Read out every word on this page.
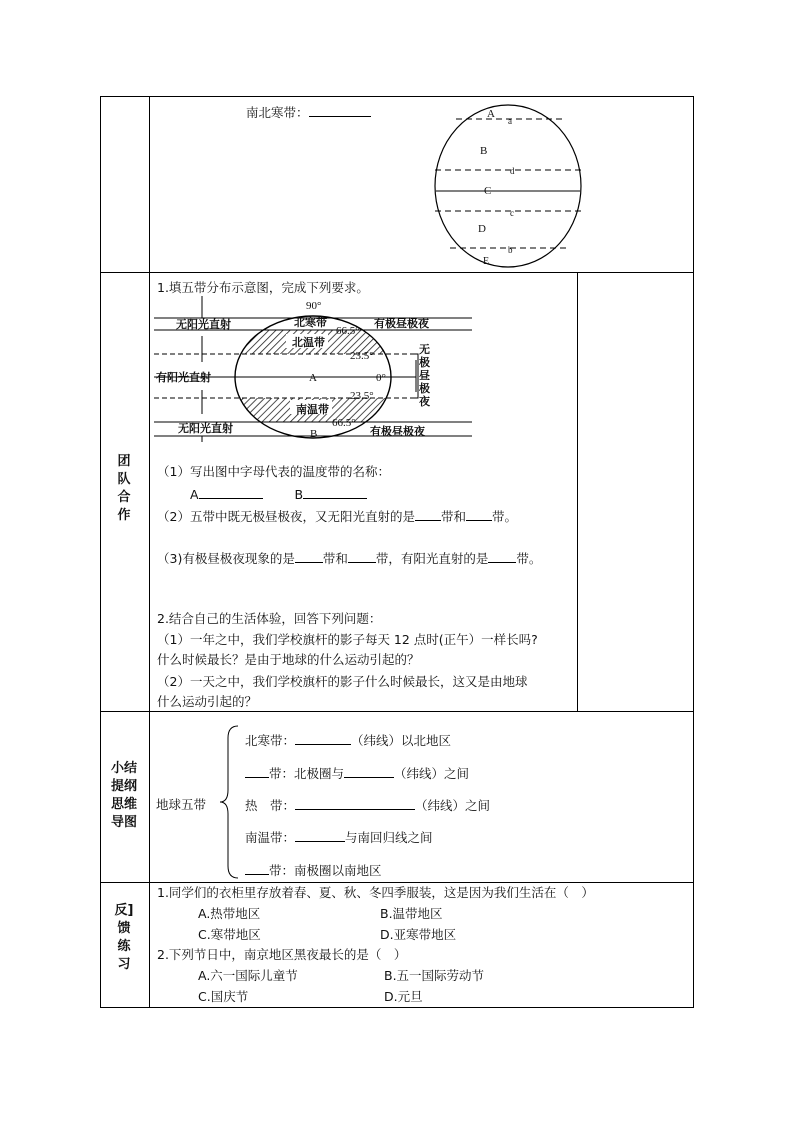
南北寒带：	A
a
B
d
C
c
D
b
E
团
队
合
作
1.填五带分布示意图，完成下列要求。
无阳光直射
有阳光直射
无阳光直射
北寒带
北温带
南温带
有极昼极夜
有极昼极夜
无
极
昼
极
夜
90°
66.5°
23.5°
A	0°
23.5°
66.5°
B
（1）写出图中字母代表的温度带的名称：
A	B
（2）五带中既无极昼极夜，又无阳光直射的是 带和 带。
（3)有极昼极夜现象的是 带和 带，有阳光直射的是 带。
2.结合自己的生活体验，回答下列问题：
（1）一年之中，我们学校旗杆的影子每天 12 点时(正午）一样长吗?
什么时候最长？是由于地球的什么运动引起的？
（2）一天之中，我们学校旗杆的影子什么时候最长，这又是由地球
什么运动引起的？
小结
提纲
思维
导图
地球五带
北寒带：	（纬线）以北地区
带：北极圈与	（纬线）之间
热　带：	（纬线）之间
南温带：	与南回归线之间
带：南极圈以南地区
反]
馈
练
习
1.同学们的衣柜里存放着春、夏、秋、冬四季服装，这是因为我们生活在（　）
A.热带地区	B.温带地区
C.寒带地区	D.亚寒带地区
2.下列节日中，南京地区黑夜最长的是（　）
A.六一国际儿童节	B.五一国际劳动节
C.国庆节	D.元旦
